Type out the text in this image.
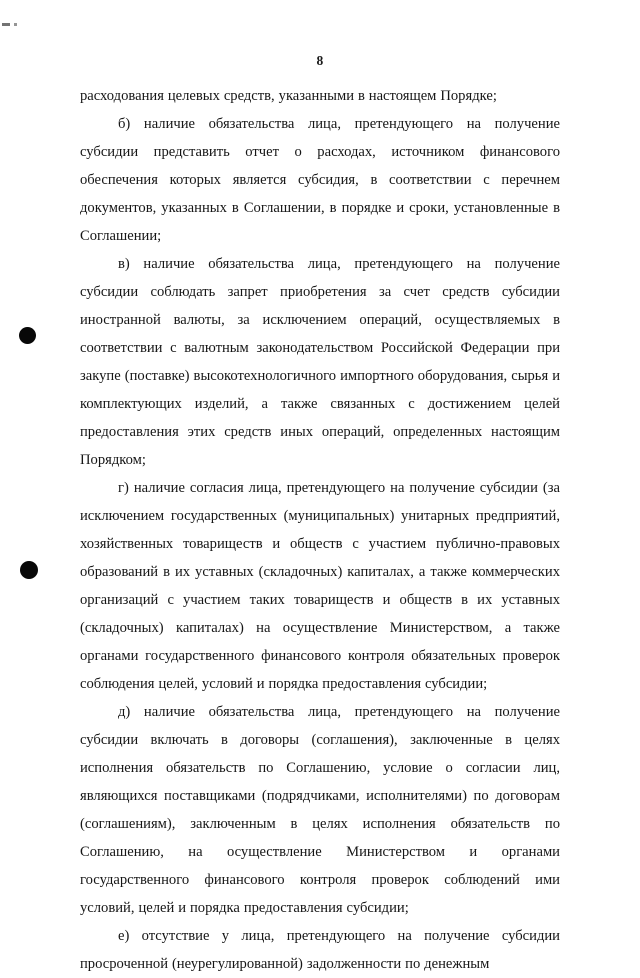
8

расходования целевых средств, указанными в настоящем Порядке;

б) наличие обязательства лица, претендующего на получение субсидии представить отчет о расходах, источником финансового обеспечения которых является субсидия, в соответствии с перечнем документов, указанных в Соглашении, в порядке и сроки, установленные в Соглашении;

в) наличие обязательства лица, претендующего на получение субсидии соблюдать запрет приобретения за счет средств субсидии иностранной валюты, за исключением операций, осуществляемых в соответствии с валютным законодательством Российской Федерации при закупе (поставке) высокотехнологичного импортного оборудования, сырья и комплектующих изделий, а также связанных с достижением целей предоставления этих средств иных операций, определенных настоящим Порядком;

г) наличие согласия лица, претендующего на получение субсидии (за исключением государственных (муниципальных) унитарных предприятий, хозяйственных товариществ и обществ с участием публично-правовых образований в их уставных (складочных) капиталах, а также коммерческих организаций с участием таких товариществ и обществ в их уставных (складочных) капиталах) на осуществление Министерством, а также органами государственного финансового контроля обязательных проверок соблюдения целей, условий и порядка предоставления субсидии;

д) наличие обязательства лица, претендующего на получение субсидии включать в договоры (соглашения), заключенные в целях исполнения обязательств по Соглашению, условие о согласии лиц, являющихся поставщиками (подрядчиками, исполнителями) по договорам (соглашениям), заключенным в целях исполнения обязательств по Соглашению, на осуществление Министерством и органами государственного финансового контроля проверок соблюдений ими условий, целей и порядка предоставления субсидии;

е) отсутствие у лица, претендующего на получение субсидии просроченной (неурегулированной) задолженности по денежным
